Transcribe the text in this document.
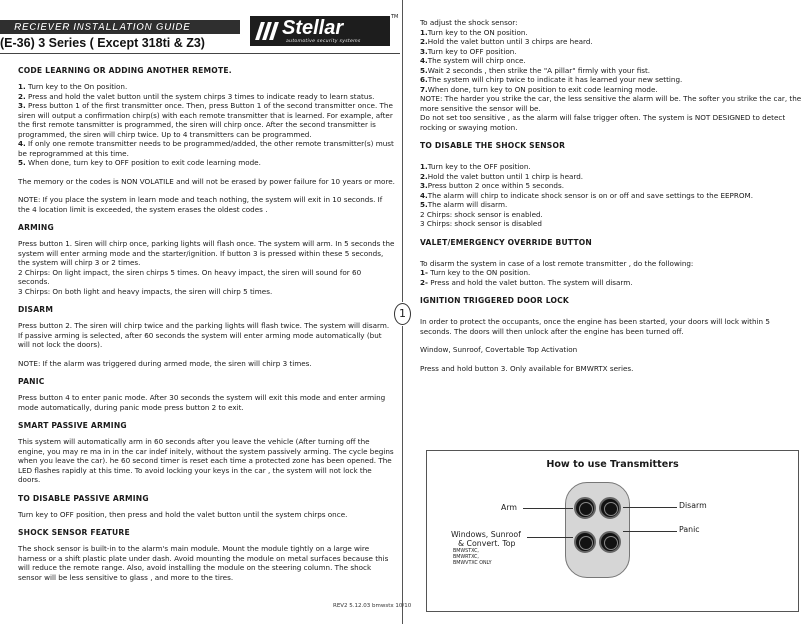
RECIEVER INSTALLATION GUIDE
(E-36) 3 Series ( Except 318ti & Z3)
Stellar
automotive security systems
TM
CODE LEARNING OR ADDING ANOTHER REMOTE.

1. Turn key to the On position.

2. Press and hold the valet button until the system chirps 3 times to indicate ready to learn status.

3. Press button 1 of the first transmitter once. Then, press Button 1 of the second transmitter once. The siren will output a confirmation chirp(s) with each remote transmitter that is learned. For example, after the first remote tansmitter is programmed, the siren will chirp once. After the second transmitter is programmed, the siren will chirp twice. Up to 4 transmitters can be programmed.

4. If only one remote transmitter needs to be programmed/added, the other remote transmitter(s) must be reprogrammed at this time.

5. When done, turn key to OFF position to exit code learning mode.

The memory or the codes is NON VOLATILE and will not be erased by power failure for 10 years or more.

NOTE: If you place the system in learn mode and teach nothing, the system will exit in 10 seconds. If the 4 location limit is exceeded, the system erases the oldest codes .

ARMING

Press button 1. Siren will chirp once, parking lights will flash once. The system will arm. In 5 seconds the system will enter arming mode and the starter/ignition. If button 3 is pressed within these 5 seconds, the system will chirp 3 or 2 times.

2 Chirps: On light impact, the siren chirps 5 times. On heavy impact, the siren will sound for 60 seconds.

3 Chirps: On both light and heavy impacts, the siren will chirp 5 times.

DISARM

Press button 2. The siren will chirp twice and the parking lights will flash twice. The system will disarm. If passive arming is selected, after 60 seconds the system will enter arming mode automatically (but will not lock the doors).

NOTE: If the alarm was triggered during armed mode, the siren will chirp 3 times.

PANIC

Press button 4 to enter panic mode. After 30 seconds the system will exit this mode and enter arming mode automatically, during panic mode press button 2 to exit.

SMART PASSIVE ARMING

This system will automatically arm in 60 seconds after you leave the vehicle (After turning off the engine, you may re ma in in the car indef initely, without the system passively arming. The cycle begins when you leave the car). he 60 second timer is reset each time a protected zone has been opened. The LED flashes rapidly at this time. To avoid locking your keys in the car , the system will not lock the doors.

TO DISABLE PASSIVE ARMING

Turn key to OFF position, then press and hold the valet button until the system chirps once.

SHOCK SENSOR FEATURE

The shock sensor is built-in to the alarm's main module. Mount the module tightly on a large wire harness or a shift plastic plate under dash. Avoid mounting the module on metal surfaces because this will reduce the remote range. Also, avoid installing the module on the steering column. The shock sensor will be less sensitive to glass , and more to the tires.

1

To adjust the shock sensor:

1.Turn key to the ON position.

2.Hold the valet button until 3 chirps are heard.

3.Turn key to OFF position.

4.The system will chirp once.

5.Wait 2 seconds , then strike the "A pillar" firmly with your fist.

6.The system will chirp twice to indicate it has learned your new setting.

7.When done, turn key to ON position to exit code learning mode.

NOTE: The harder you strike the car, the less sensitive the alarm will be. The softer you strike the car, the more sensitive the sensor will be.

Do not set too sensitive , as the alarm will false trigger often. The system is NOT DESIGNED to detect rocking or swaying motion.

TO DISABLE THE SHOCK SENSOR

1.Turn key to the OFF position.

2.Hold the valet button until 1 chirp is heard.

3.Press button 2 once within 5 seconds.

4.The alarm will chirp to indicate shock sensor is on or off and save settings to the EEPROM.

5.The alarm will disarm.

2 Chirps: shock sensor is enabled.

3 Chirps: shock sensor is disabled

VALET/EMERGENCY OVERRIDE BUTTON

To disarm the system in case of a lost remote transmitter , do the following:

1- Turn key to the ON position.

2- Press and hold the valet button. The system will disarm.

IGNITION TRIGGERED DOOR LOCK

In order to protect the occupants, once the engine has been started, your doors will lock within 5 seconds. The doors will then unlock after the engine has been turned off.

Window, Sunroof, Covertable Top Activation

Press and hold button 3. Only available for BMWRTX series.

How to use Transmitters
Arm	Disarm
Panic
Windows, Sunroof
& Convert. Top
BMWSTXC,
BMWRTXC,
BMWVTXC ONLY
REV2 5.12.03 bmwstx 10/10
